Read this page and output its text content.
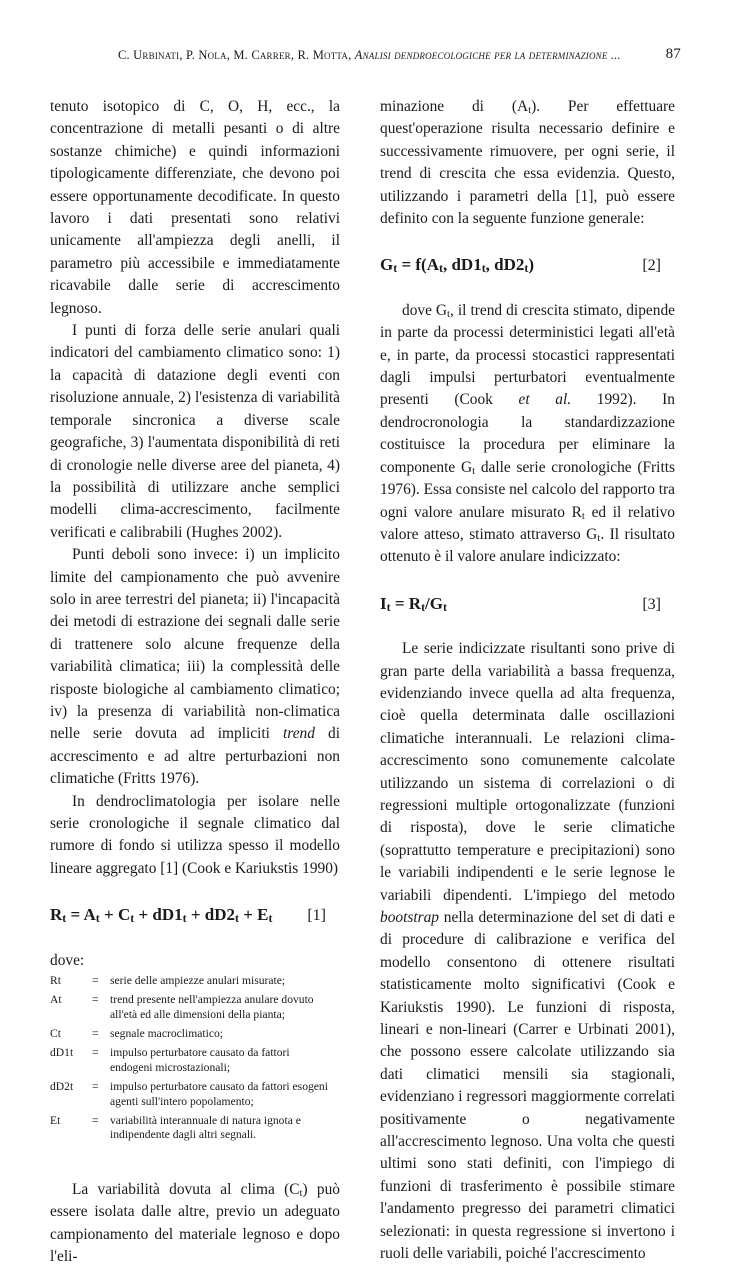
C. Urbinati, P. Nola, M. Carrer, R. Motta, Analisi dendroecologiche per la determinazione ...	87

tenuto isotopico di C, O, H, ecc., la concentrazione di metalli pesanti o di altre sostanze chimiche) e quindi informazioni tipologicamente differenziate, che devono poi essere opportunamente decodificate. In questo lavoro i dati presentati sono relativi unicamente all'ampiezza degli anelli, il parametro più accessibile e immediatamente ricavabile dalle serie di accrescimento legnoso.

I punti di forza delle serie anulari quali indicatori del cambiamento climatico sono: 1) la capacità di datazione degli eventi con risoluzione annuale, 2) l'esistenza di variabilità temporale sincronica a diverse scale geografiche, 3) l'aumentata disponibilità di reti di cronologie nelle diverse aree del pianeta, 4) la possibilità di utilizzare anche semplici modelli clima-accrescimento, facilmente verificati e calibrabili (Hughes 2002).

Punti deboli sono invece: i) un implicito limite del campionamento che può avvenire solo in aree terrestri del pianeta; ii) l'incapacità dei metodi di estrazione dei segnali dalle serie di trattenere solo alcune frequenze della variabilità climatica; iii) la complessità delle risposte biologiche al cambiamento climatico; iv) la presenza di variabilità non-climatica nelle serie dovuta ad impliciti trend di accrescimento e ad altre perturbazioni non climatiche (Fritts 1976).

In dendroclimatologia per isolare nelle serie cronologiche il segnale climatico dal rumore di fondo si utilizza spesso il modello lineare aggregato [1] (Cook e Kariukstis 1990)

$R_t = A_t + C_t + dD1_t + dD2_t + E_t$ [1]
dove:
Rt	= serie delle ampiezze anulari misurate;
At	= trend presente nell'ampiezza anulare dovuto all'età ed alle dimensioni della pianta;
Ct	= segnale macroclimatico;
dD1t	= impulso perturbatore causato da fattori endogeni microstazionali;
dD2t	= impulso perturbatore causato da fattori esogeni agenti sull'intero popolamento;
Et	= variabilità interannuale di natura ignota e indipendente dagli altri segnali.

La variabilità dovuta al clima $(C_t)$ può essere isolata dalle altre, previo un adeguato campionamento del materiale legnoso e dopo l'eli-

minazione di $(A_t)$. Per effettuare quest'operazione risulta necessario definire e successivamente rimuovere, per ogni serie, il trend di crescita che essa evidenzia. Questo, utilizzando i parametri della [1], può essere definito con la seguente funzione generale:

$G_t = f(A_t$, $dD1_t$, $dD2_t$)	[2]

dove $G_t$, il trend di crescita stimato, dipende in parte da processi deterministici legati all'età e, in parte, da processi stocastici rappresentati dagli impulsi perturbatori eventualmente presenti (Cook et al. 1992). In dendrocronologia la standardizzazione costituisce la procedura per eliminare la componente $G_t$ dalle serie cronologiche (Fritts 1976). Essa consiste nel calcolo del rapporto tra ogni valore anulare misurato $R_t$ ed il relativo valore atteso, stimato attraverso $G_t$. Il risultato ottenuto è il valore anulare indicizzato:

$I_t = R_t/G_t$	[3]

Le serie indicizzate risultanti sono prive di gran parte della variabilità a bassa frequenza, evidenziando invece quella ad alta frequenza, cioè quella determinata dalle oscillazioni climatiche interannuali. Le relazioni clima-accrescimento sono comunemente calcolate utilizzando un sistema di correlazioni o di regressioni multiple ortogonalizzate (funzioni di risposta), dove le serie climatiche (soprattutto temperature e precipitazioni) sono le variabili indipendenti e le serie legnose le variabili dipendenti. L'impiego del metodo bootstrap nella determinazione del set di dati e di procedure di calibrazione e verifica del modello consentono di ottenere risultati statisticamente molto significativi (Cook e Kariukstis 1990). Le funzioni di risposta, lineari e non-lineari (Carrer e Urbinati 2001), che possono essere calcolate utilizzando sia dati climatici mensili sia stagionali, evidenziano i regressori maggiormente correlati positivamente o negativamente all'accrescimento legnoso. Una volta che questi ultimi sono stati definiti, con l'impiego di funzioni di trasferimento è possibile stimare l'andamento pregresso dei parametri climatici selezionati: in questa regressione si invertono i ruoli delle variabili, poiché l'accrescimento
